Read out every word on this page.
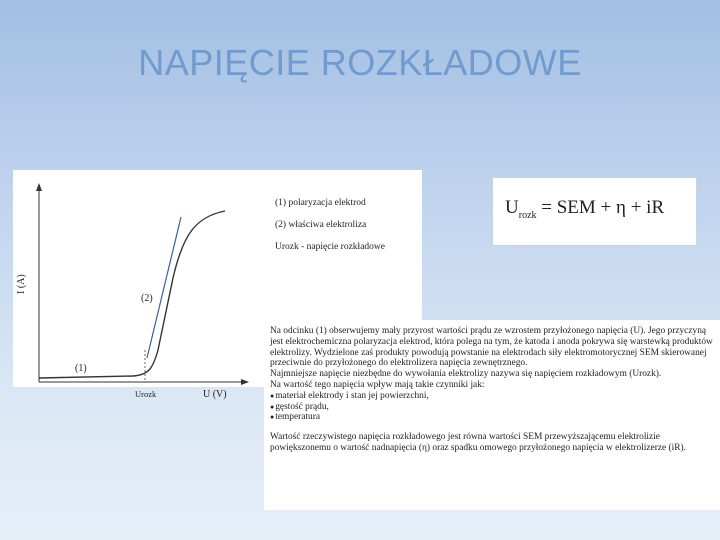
NAPIĘCIE ROZKŁADOWE
I (A)
U (V)
Urozk
(1)
(2)
(1) polaryzacja elektrod
(2) właściwa elektroliza
Urozk - napięcie rozkładowe
$U_{rozk}$ = SEM + η + iR

Na odcinku (1) obserwujemy mały przyrost wartości prądu ze wzrostem przyłożonego napięcia (U). Jego przyczyną jest elektrochemiczna polaryzacja elektrod, która polega na tym, że katoda i anoda pokrywa się warstewką produktów elektrolizy. Wydzielone zaś produkty powodują powstanie na elektrodach siły elektromotorycznej SEM skierowanej przeciwnie do przyłożonego do elektrolizera napięcia zewnętrznego.

Najmniejsze napięcie niezbędne do wywołania elektrolizy nazywa się napięciem rozkładowym (Urozk).

Na wartość tego napięcia wpływ mają takie czynniki jak:

● materiał elektrody i stan jej powierzchni,

● gęstość prądu,

● temperatura

Wartość rzeczywistego napięcia rozkładowego jest równa wartości SEM przewyższającemu elektrolizie powiększonemu o wartość nadnapięcia (η) oraz spadku omowego przyłożonego napięcia w elektrolizerze (iR).
